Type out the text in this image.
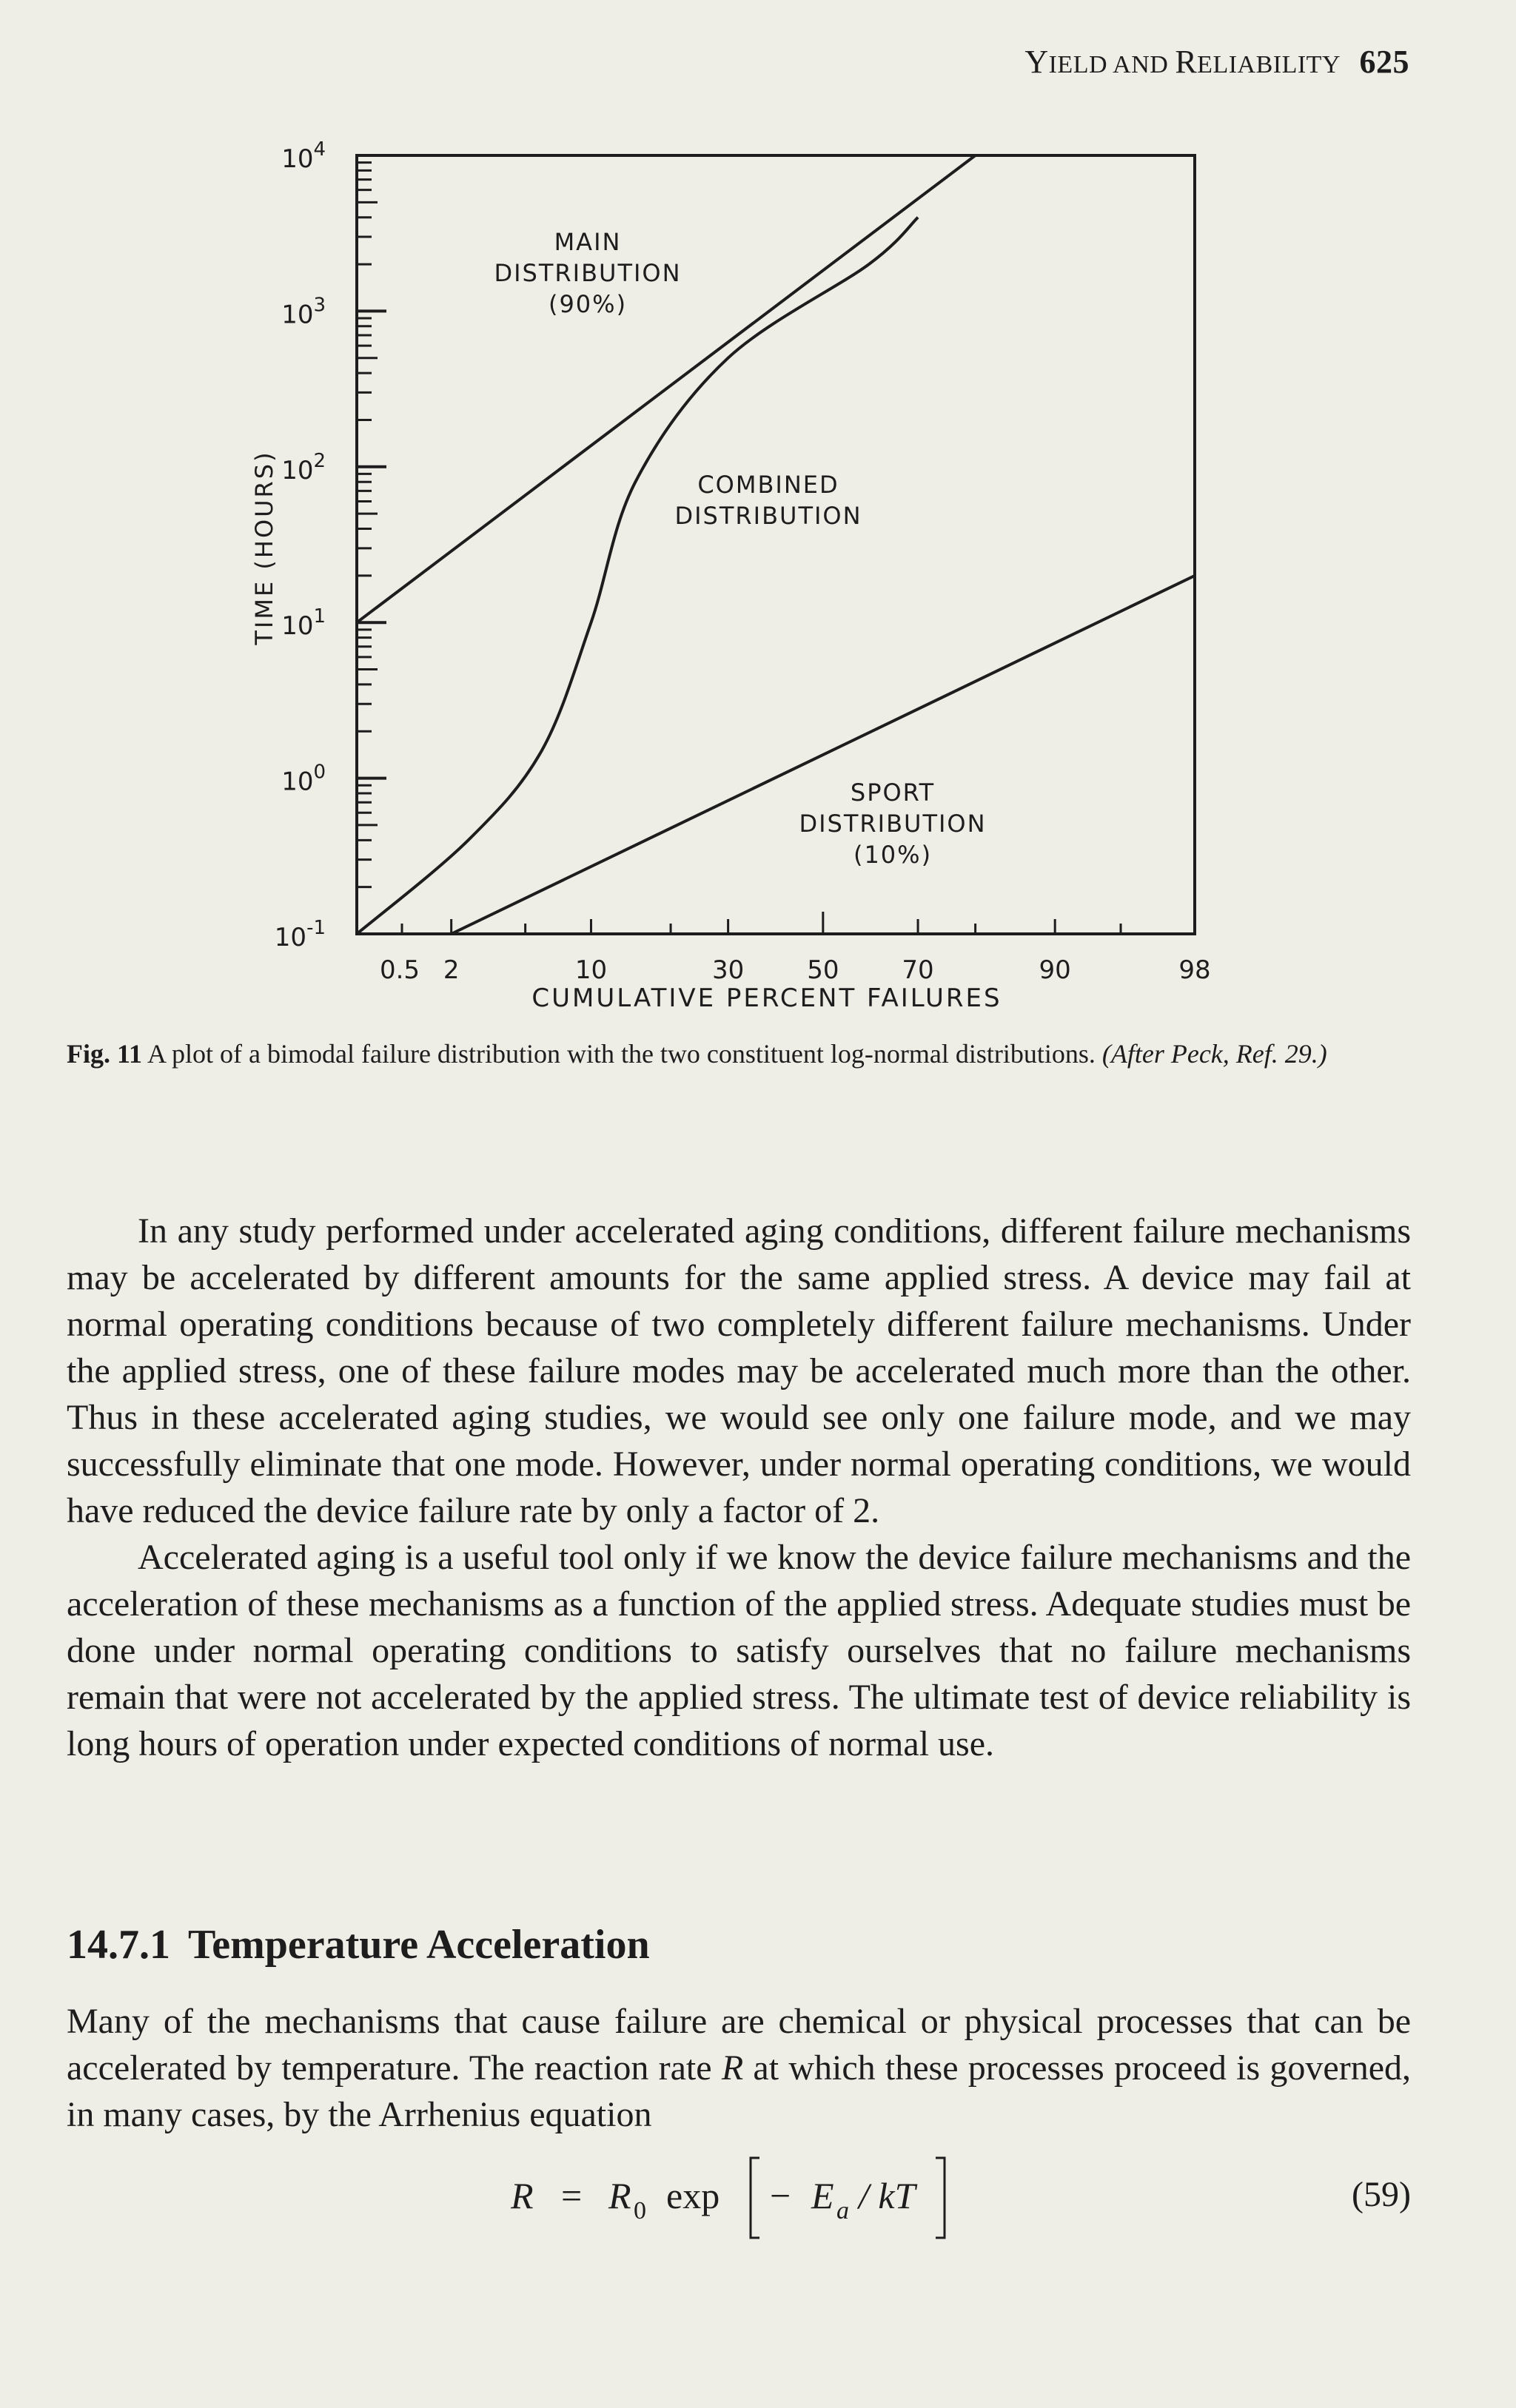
YIELD AND RELIABILITY 625
$10^4$
$10^3$
$10^2$
$10^1$
$10^0$
$10^{-1}$
TIME (HOURS)
0.5 2	10	30 50 70	90	98
CUMULATIVE PERCENT FAILURES
MAIN DISTRIBUTION (90%)
COMBINED DISTRIBUTION
SPORT DISTRIBUTION (10%)
Fig. 11 A plot of a bimodal failure distribution with the two constituent log-normal distributions. (After Peck, Ref. 29.)

In any study performed under accelerated aging conditions, different failure mechanisms may be accelerated by different amounts for the same applied stress. A device may fail at normal operating conditions because of two completely different failure mechanisms. Under the applied stress, one of these failure modes may be accelerated much more than the other. Thus in these accelerated aging studies, we would see only one failure mode, and we may successfully eliminate that one mode. However, under normal operating conditions, we would have reduced the device failure rate by only a factor of 2.

Accelerated aging is a useful tool only if we know the device failure mechanisms and the acceleration of these mechanisms as a function of the applied stress. Adequate studies must be done under normal operating conditions to satisfy ourselves that no failure mechanisms remain that were not accelerated by the applied stress. The ultimate test of device reliability is long hours of operation under expected conditions of normal use.

14.7.1 Temperature Acceleration

Many of the mechanisms that cause failure are chemical or physical processes that can be accelerated by temperature. The reaction rate R at which these processes proceed is governed, in many cases, by the Arrhenius equation

R = R 0 exp − E a / kT	(59)
